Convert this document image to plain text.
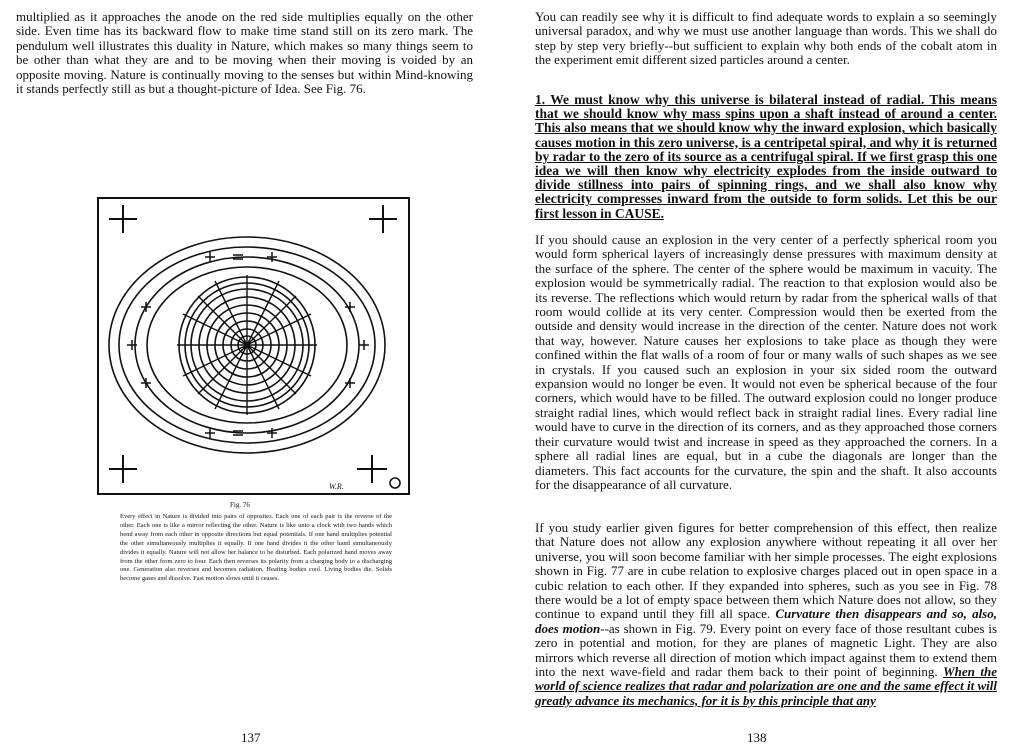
multiplied as it approaches the anode on the red side multiplies equally on the other side. Even time has its backward flow to make time stand still on its zero mark. The pendulum well illustrates this duality in Nature, which makes so many things seem to be other than what they are and to be moving when their moving is voided by an opposite moving. Nature is continually moving to the senses but within Mind-knowing it stands perfectly still as but a thought-picture of Idea. See Fig. 76.

W.R.
Fig. 76

Every effect in Nature is divided into pairs of opposites. Each one of each pair is the reverse of the other. Each one is like a mirror reflecting the other. Nature is like unto a clock with two hands which bend away from each other in opposite directions but equal potentials. If one hand multiplies potential the other simultaneously multiplies it equally. If one hand divides it the other hand simultaneously divides it equally. Nature will not allow her balance to be disturbed. Each polarized hand moves away from the other from zero to four. Each then reverses its polarity from a charging body to a discharging one. Generation also reverses and becomes radiation. Heating bodies cool. Living bodies die. Solids become gases and dissolve. Fast motion slows until it ceases.

137

You can readily see why it is difficult to find adequate words to explain a so seemingly universal paradox, and why we must use another language than words. This we shall do step by step very briefly--but sufficient to explain why both ends of the cobalt atom in the experiment emit different sized particles around a center.

1. We must know why this universe is bilateral instead of radial. This means that we should know why mass spins upon a shaft instead of around a center. This also means that we should know why the inward explosion, which basically causes motion in this zero universe, is a centripetal spiral, and why it is returned by radar to the zero of its source as a centrifugal spiral. If we first grasp this one idea we will then know why electricity explodes from the inside outward to divide stillness into pairs of spinning rings, and we shall also know why electricity compresses inward from the outside to form solids. Let this be our first lesson in CAUSE.

If you should cause an explosion in the very center of a perfectly spherical room you would form spherical layers of increasingly dense pressures with maximum density at the surface of the sphere. The center of the sphere would be maximum in vacuity. The explosion would be symmetrically radial. The reaction to that explosion would also be its reverse. The reflections which would return by radar from the spherical walls of that room would collide at its very center. Compression would then be exerted from the outside and density would increase in the direction of the center. Nature does not work that way, however. Nature causes her explosions to take place as though they were confined within the flat walls of a room of four or many walls of such shapes as we see in crystals. If you caused such an explosion in your six sided room the outward expansion would no longer be even. It would not even be spherical because of the four corners, which would have to be filled. The outward explosion could no longer produce straight radial lines, which would reflect back in straight radial lines. Every radial line would have to curve in the direction of its corners, and as they approached those corners their curvature would twist and increase in speed as they approached the corners. In a sphere all radial lines are equal, but in a cube the diagonals are longer than the diameters. This fact accounts for the curvature, the spin and the shaft. It also accounts for the disappearance of all curvature.

If you study earlier given figures for better comprehension of this effect, then realize that Nature does not allow any explosion anywhere without repeating it all over her universe, you will soon become familiar with her simple processes. The eight explosions shown in Fig. 77 are in cube relation to explosive charges placed out in open space in a cubic relation to each other. If they expanded into spheres, such as you see in Fig. 78 there would be a lot of empty space between them which Nature does not allow, so they continue to expand until they fill all space. Curvature then disappears and so, also, does motion--as shown in Fig. 79. Every point on every face of those resultant cubes is zero in potential and motion, for they are planes of magnetic Light. They are also mirrors which reverse all direction of motion which impact against them to extend them into the next wave-field and radar them back to their point of beginning. When the world of science realizes that radar and polarization are one and the same effect it will greatly advance its mechanics, for it is by this principle that any

138
